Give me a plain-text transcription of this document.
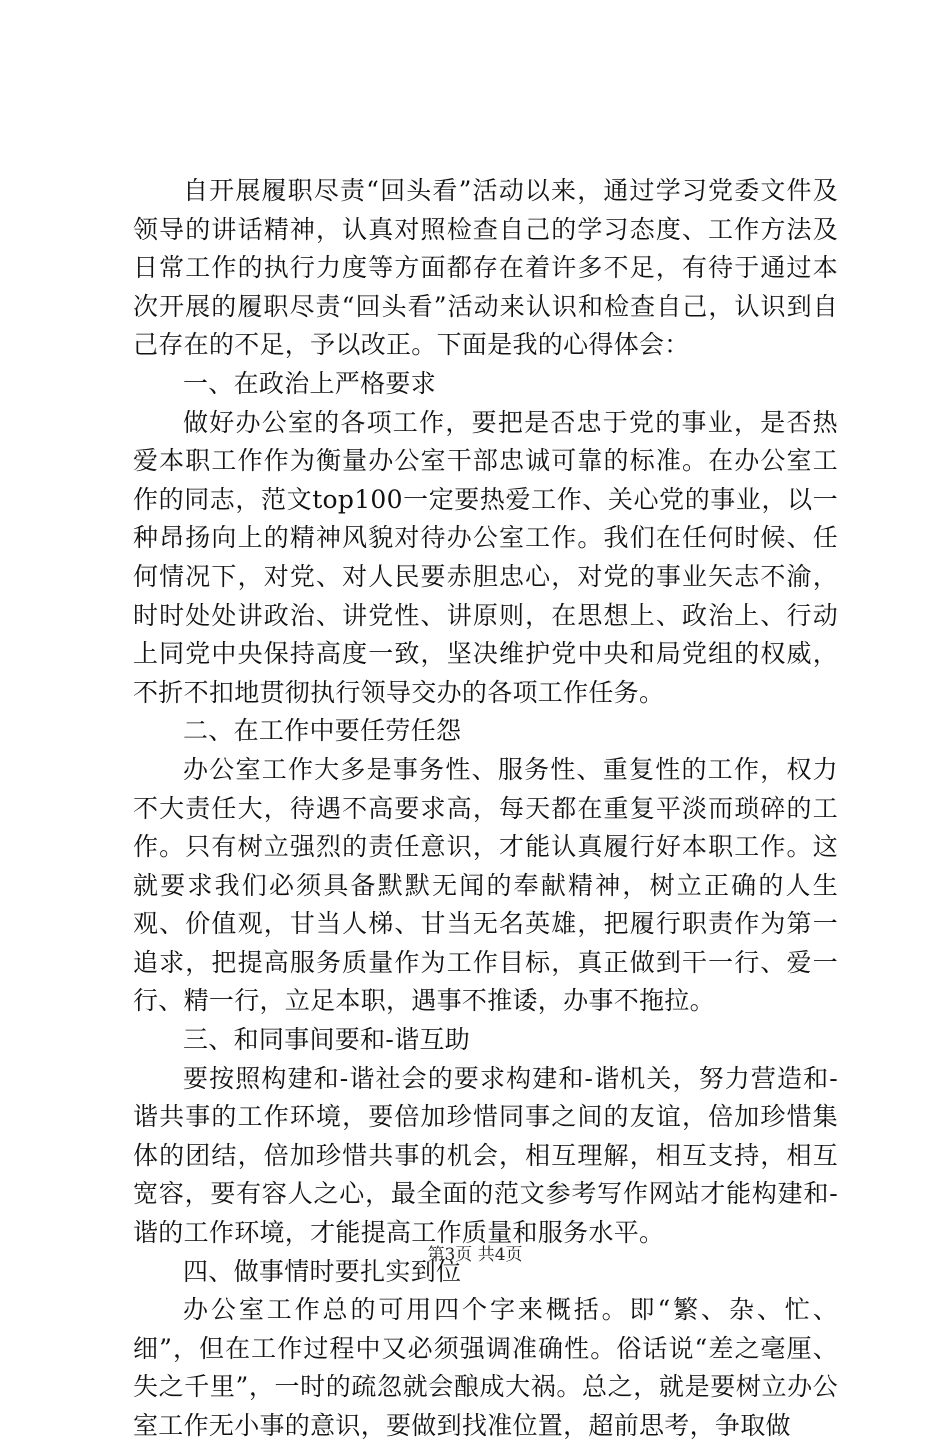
自开展履职尽责“回头看”活动以来，通过学习党委文件及领导的讲话精神，认真对照检查自己的学习态度、工作方法及日常工作的执行力度等方面都存在着许多不足，有待于通过本次开展的履职尽责“回头看”活动来认识和检查自己，认识到自己存在的不足，予以改正。下面是我的心得体会：

一、在政治上严格要求

做好办公室的各项工作，要把是否忠于党的事业，是否热爱本职工作作为衡量办公室干部忠诚可靠的标准。在办公室工作的同志，范文top100一定要热爱工作、关心党的事业，以一种昂扬向上的精神风貌对待办公室工作。我们在任何时候、任何情况下，对党、对人民要赤胆忠心，对党的事业矢志不渝，时时处处讲政治、讲党性、讲原则，在思想上、政治上、行动上同党中央保持高度一致，坚决维护党中央和局党组的权威，不折不扣地贯彻执行领导交办的各项工作任务。

二、在工作中要任劳任怨

办公室工作大多是事务性、服务性、重复性的工作，权力不大责任大，待遇不高要求高，每天都在重复平淡而琐碎的工作。只有树立强烈的责任意识，才能认真履行好本职工作。这就要求我们必须具备默默无闻的奉献精神，树立正确的人生观、价值观，甘当人梯、甘当无名英雄，把履行职责作为第一追求，把提高服务质量作为工作目标，真正做到干一行、爱一行、精一行，立足本职，遇事不推诿，办事不拖拉。

三、和同事间要和-谐互助

要按照构建和-谐社会的要求构建和-谐机关，努力营造和-谐共事的工作环境，要倍加珍惜同事之间的友谊，倍加珍惜集体的团结，倍加珍惜共事的机会，相互理解，相互支持，相互宽容，要有容人之心，最全面的范文参考写作网站才能构建和-谐的工作环境，才能提高工作质量和服务水平。

四、做事情时要扎实到位

办公室工作总的可用四个字来概括。即“繁、杂、忙、细”，但在工作过程中又必须强调准确性。俗话说“差之毫厘、失之千里”，一时的疏忽就会酿成大祸。总之，就是要树立办公室工作无小事的意识，要做到找准位置，超前思考，争取做

第3页 共4页
